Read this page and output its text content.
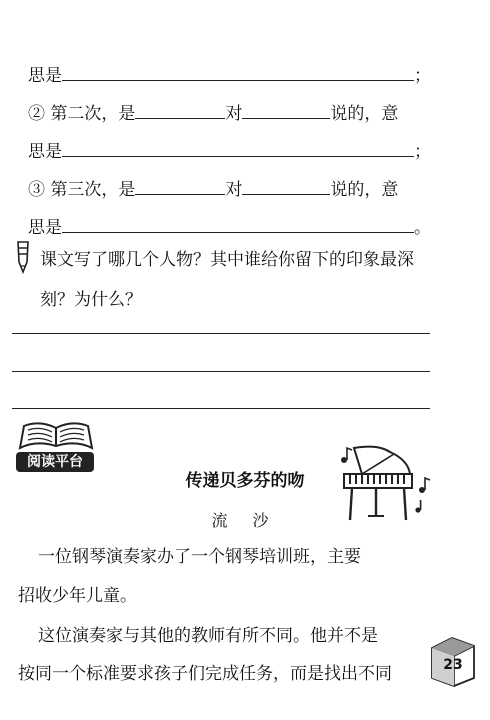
思是	；
② 第二次，是	对	说的，意
思是	；
③ 第三次，是	对	说的，意
思是	。
课文写了哪几个人物？其中谁给你留下的印象最深
刻？为什么？
阅读平台
传递贝多芬的吻
流 沙
一位钢琴演奏家办了一个钢琴培训班，主要
招收少年儿童。
这位演奏家与其他的教师有所不同。他并不是
按同一个标准要求孩子们完成任务，而是找出不同	23
